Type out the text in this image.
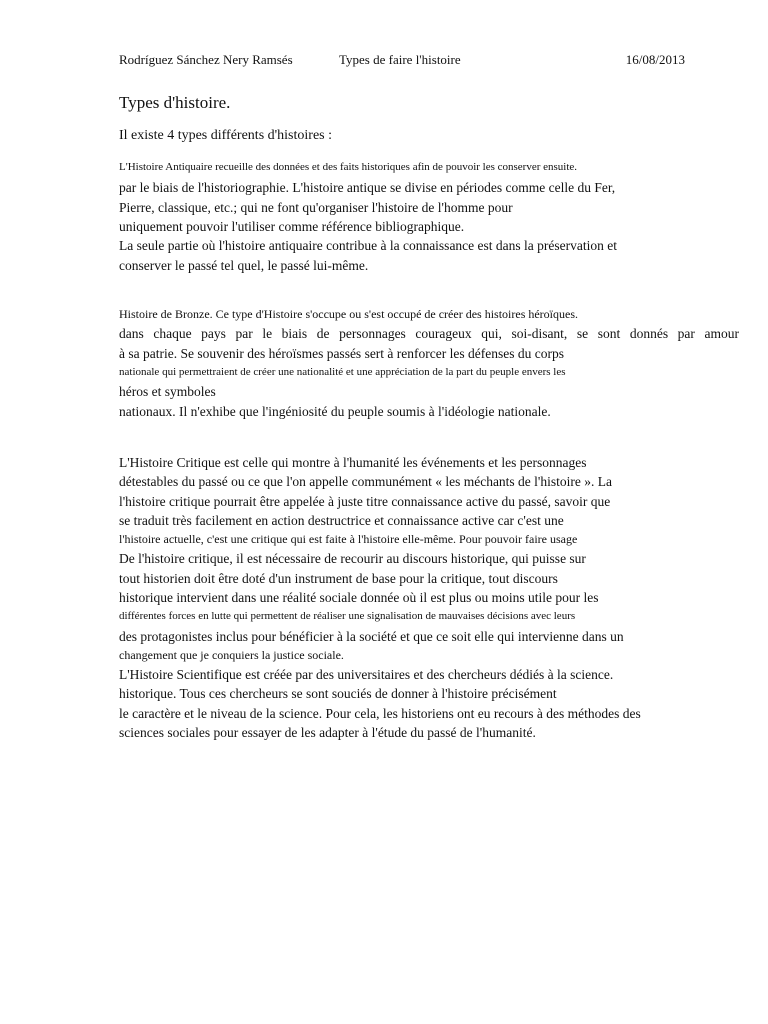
Rodríguez Sánchez Nery Ramsés	Types de faire l'histoire	16/08/2013
Types d'histoire.
Il existe 4 types différents d'histoires :
L'Histoire Antiquaire recueille des données et des faits historiques afin de pouvoir les conserver ensuite.
par le biais de l'historiographie. L'histoire antique se divise en périodes comme celle du Fer,
Pierre, classique, etc.; qui ne font qu'organiser l'histoire de l'homme pour
uniquement pouvoir l'utiliser comme référence bibliographique.
La seule partie où l'histoire antiquaire contribue à la connaissance est dans la préservation et
conserver le passé tel quel, le passé lui-même.
Histoire de Bronze. Ce type d'Histoire s'occupe ou s'est occupé de créer des histoires héroïques.
dans chaque pays par le biais de personnages courageux qui, soi-disant, se sont donnés par amour
à sa patrie. Se souvenir des héroïsmes passés sert à renforcer les défenses du corps
nationale qui permettraient de créer une nationalité et une appréciation de la part du peuple envers les
héros et symboles
nationaux. Il n'exhibe que l'ingéniosité du peuple soumis à l'idéologie nationale.
L'Histoire Critique est celle qui montre à l'humanité les événements et les personnages
détestables du passé ou ce que l'on appelle communément « les méchants de l'histoire ». La
l'histoire critique pourrait être appelée à juste titre connaissance active du passé, savoir que
se traduit très facilement en action destructrice et connaissance active car c'est une
l'histoire actuelle, c'est une critique qui est faite à l'histoire elle-même. Pour pouvoir faire usage
De l'histoire critique, il est nécessaire de recourir au discours historique, qui puisse sur
tout historien doit être doté d'un instrument de base pour la critique, tout discours
historique intervient dans une réalité sociale donnée où il est plus ou moins utile pour les
différentes forces en lutte qui permettent de réaliser une signalisation de mauvaises décisions avec leurs
des protagonistes inclus pour bénéficier à la société et que ce soit elle qui intervienne dans un
changement que je conquiers la justice sociale.
L'Histoire Scientifique est créée par des universitaires et des chercheurs dédiés à la science.
historique. Tous ces chercheurs se sont souciés de donner à l'histoire précisément
le caractère et le niveau de la science. Pour cela, les historiens ont eu recours à des méthodes des
sciences sociales pour essayer de les adapter à l'étude du passé de l'humanité.
